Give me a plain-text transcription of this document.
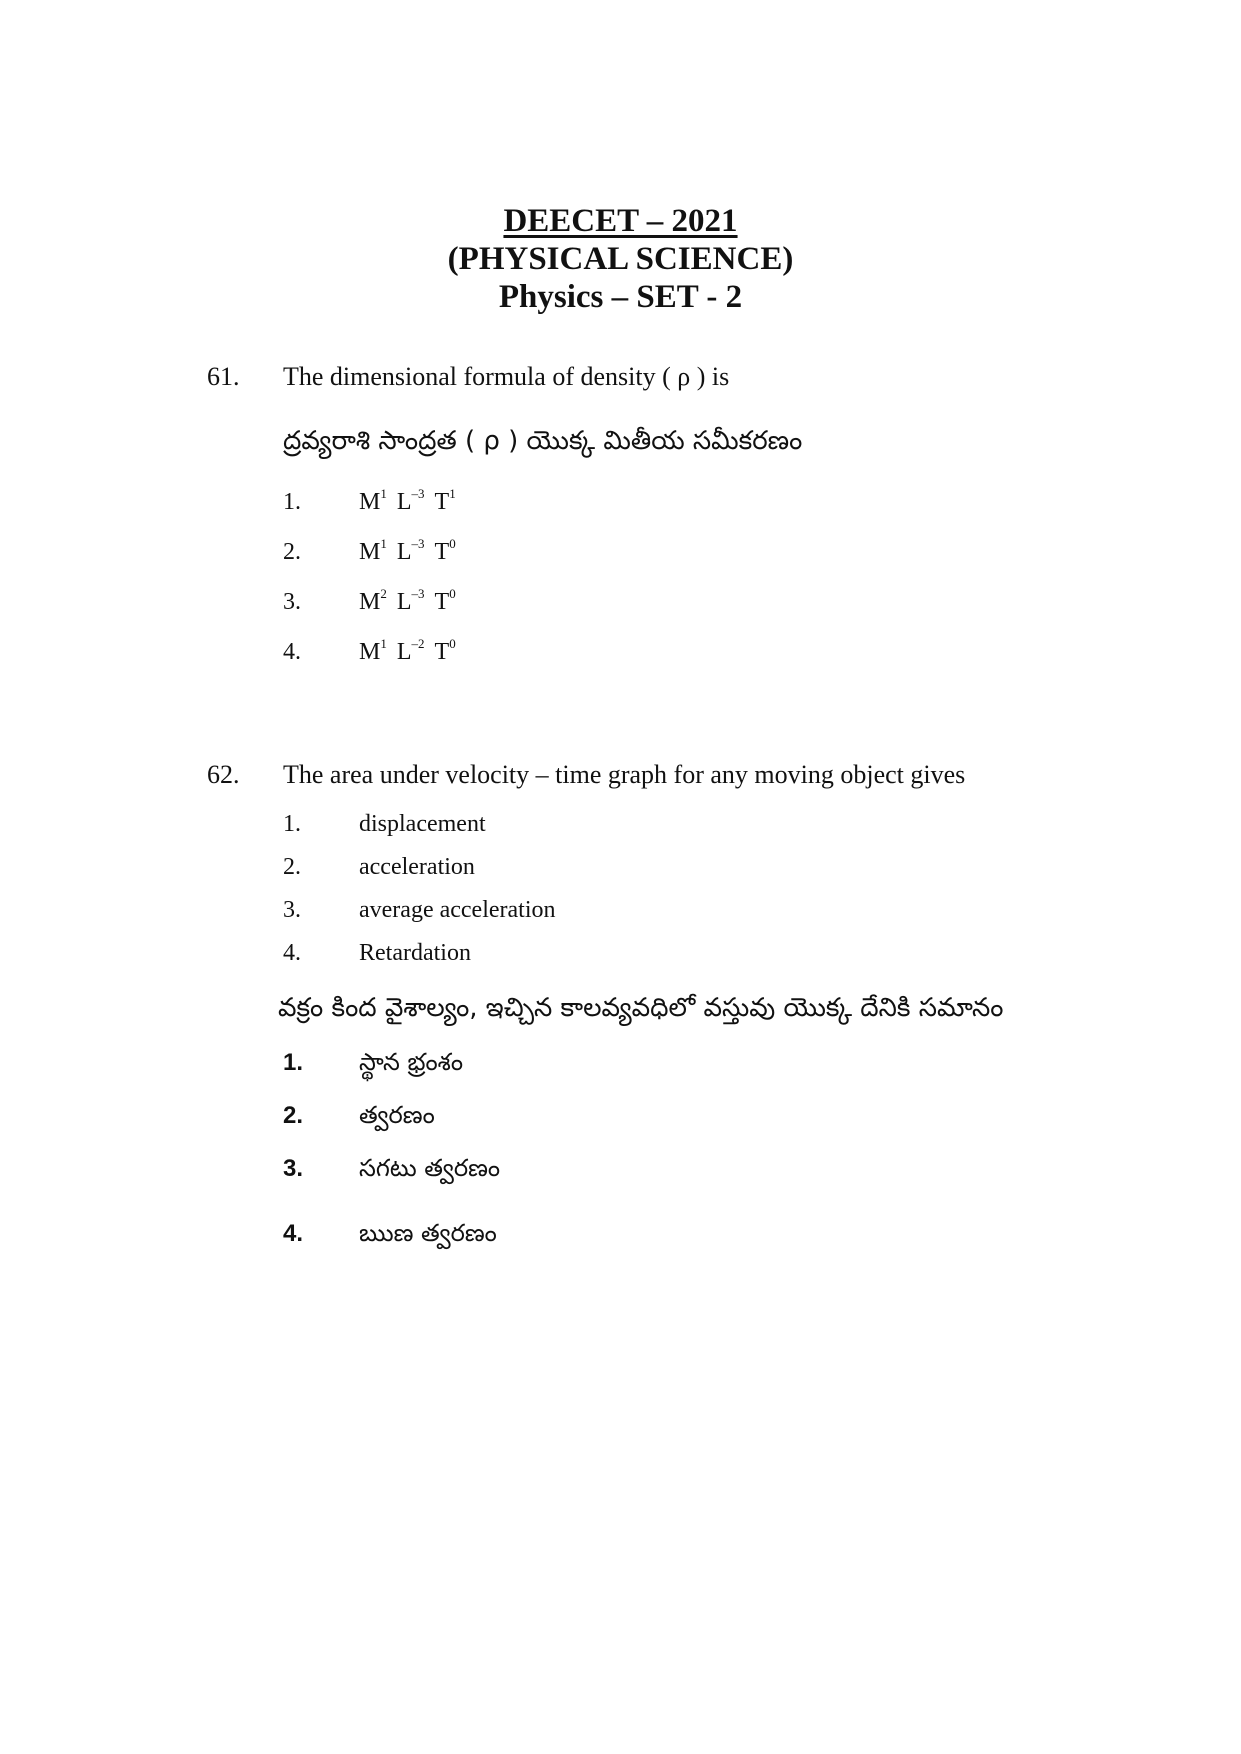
DEECET – 2021
(PHYSICAL SCIENCE)
Physics – SET - 2
61. The dimensional formula of density ( ρ ) is
ద్రవ్యరాశి సాంద్రత ( ρ ) యొక్క మితీయ సమీకరణం
1. $M^1$ $L^{-3}$ $T^1$
2. $M^1$ $L^{-3}$ $T^0$
3. $M^2$ $L^{-3}$ $T^0$
4. $M^1$ $L^{-2}$ $T^0$
62. The area under velocity – time graph for any moving object gives
1. displacement
2. acceleration
3. average acceleration
4. Retardation
వక్రం కింద వైశాల్యం, ఇచ్చిన కాలవ్యవధిలో వస్తువు యొక్క దేనికి సమానం
1. స్థాన భ్రంశం
2. త్వరణం
3. సగటు త్వరణం
4. ఋణ త్వరణం
